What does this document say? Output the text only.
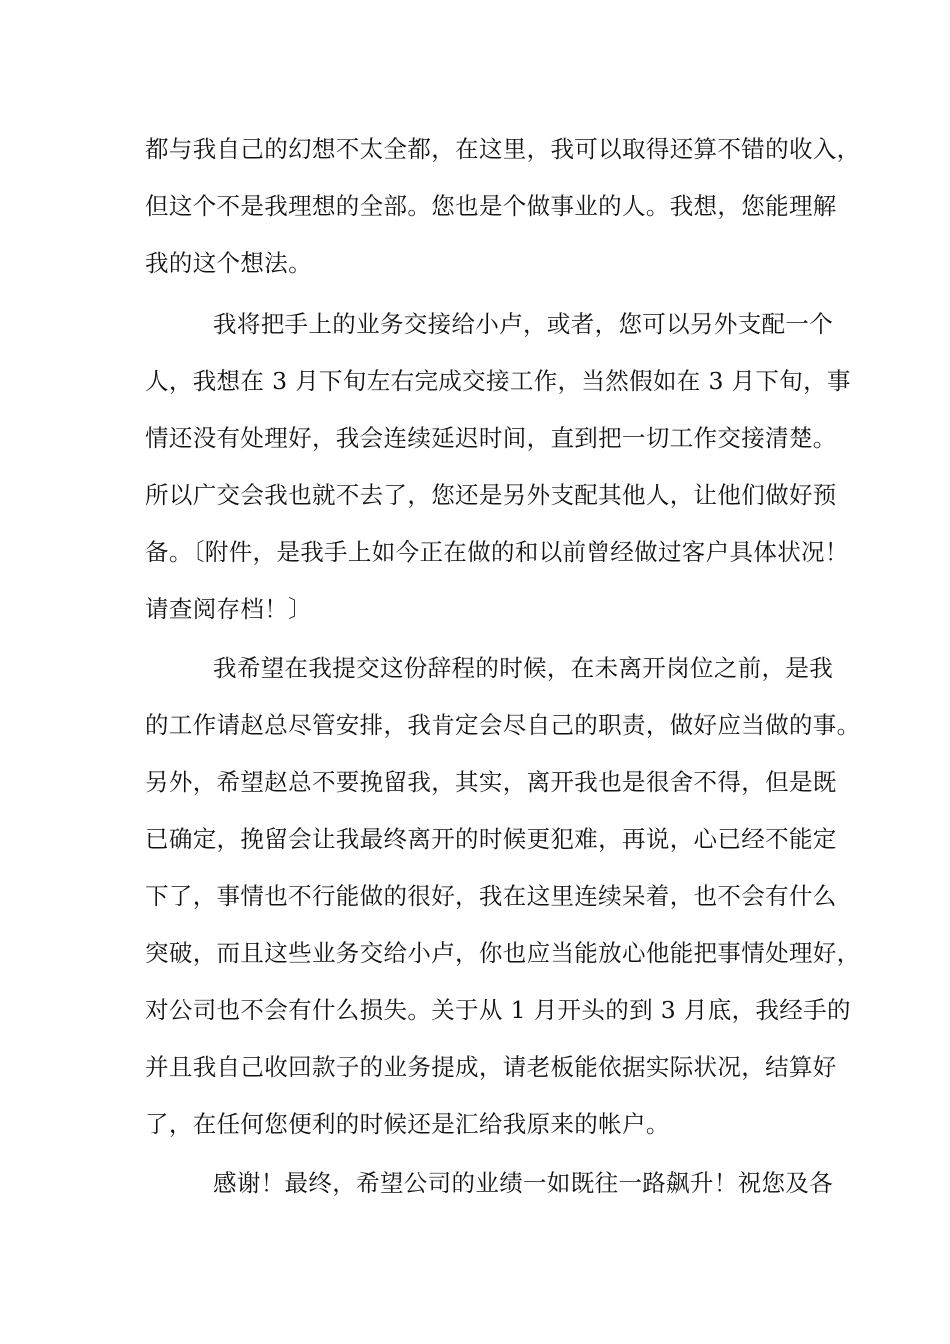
都与我自己的幻想不太全都，在这里，我可以取得还算不错的收入，
但这个不是我理想的全部。您也是个做事业的人。我想，您能理解
我的这个想法。
我将把手上的业务交接给小卢，或者，您可以另外支配一个
人，我想在 3 月下旬左右完成交接工作，当然假如在 3 月下旬，事
情还没有处理好，我会连续延迟时间，直到把一切工作交接清楚。
所以广交会我也就不去了，您还是另外支配其他人，让他们做好预
备。〔附件，是我手上如今正在做的和以前曾经做过客户具体状况！
请查阅存档！〕
我希望在我提交这份辞程的时候，在未离开岗位之前，是我
的工作请赵总尽管安排，我肯定会尽自己的职责，做好应当做的事。
另外，希望赵总不要挽留我，其实，离开我也是很舍不得，但是既
已确定，挽留会让我最终离开的时候更犯难，再说，心已经不能定
下了，事情也不行能做的很好，我在这里连续呆着，也不会有什么
突破，而且这些业务交给小卢，你也应当能放心他能把事情处理好，
对公司也不会有什么损失。关于从 1 月开头的到 3 月底，我经手的
并且我自己收回款子的业务提成，请老板能依据实际状况，结算好
了，在任何您便利的时候还是汇给我原来的帐户。
感谢！最终，希望公司的业绩一如既往一路飙升！祝您及各
